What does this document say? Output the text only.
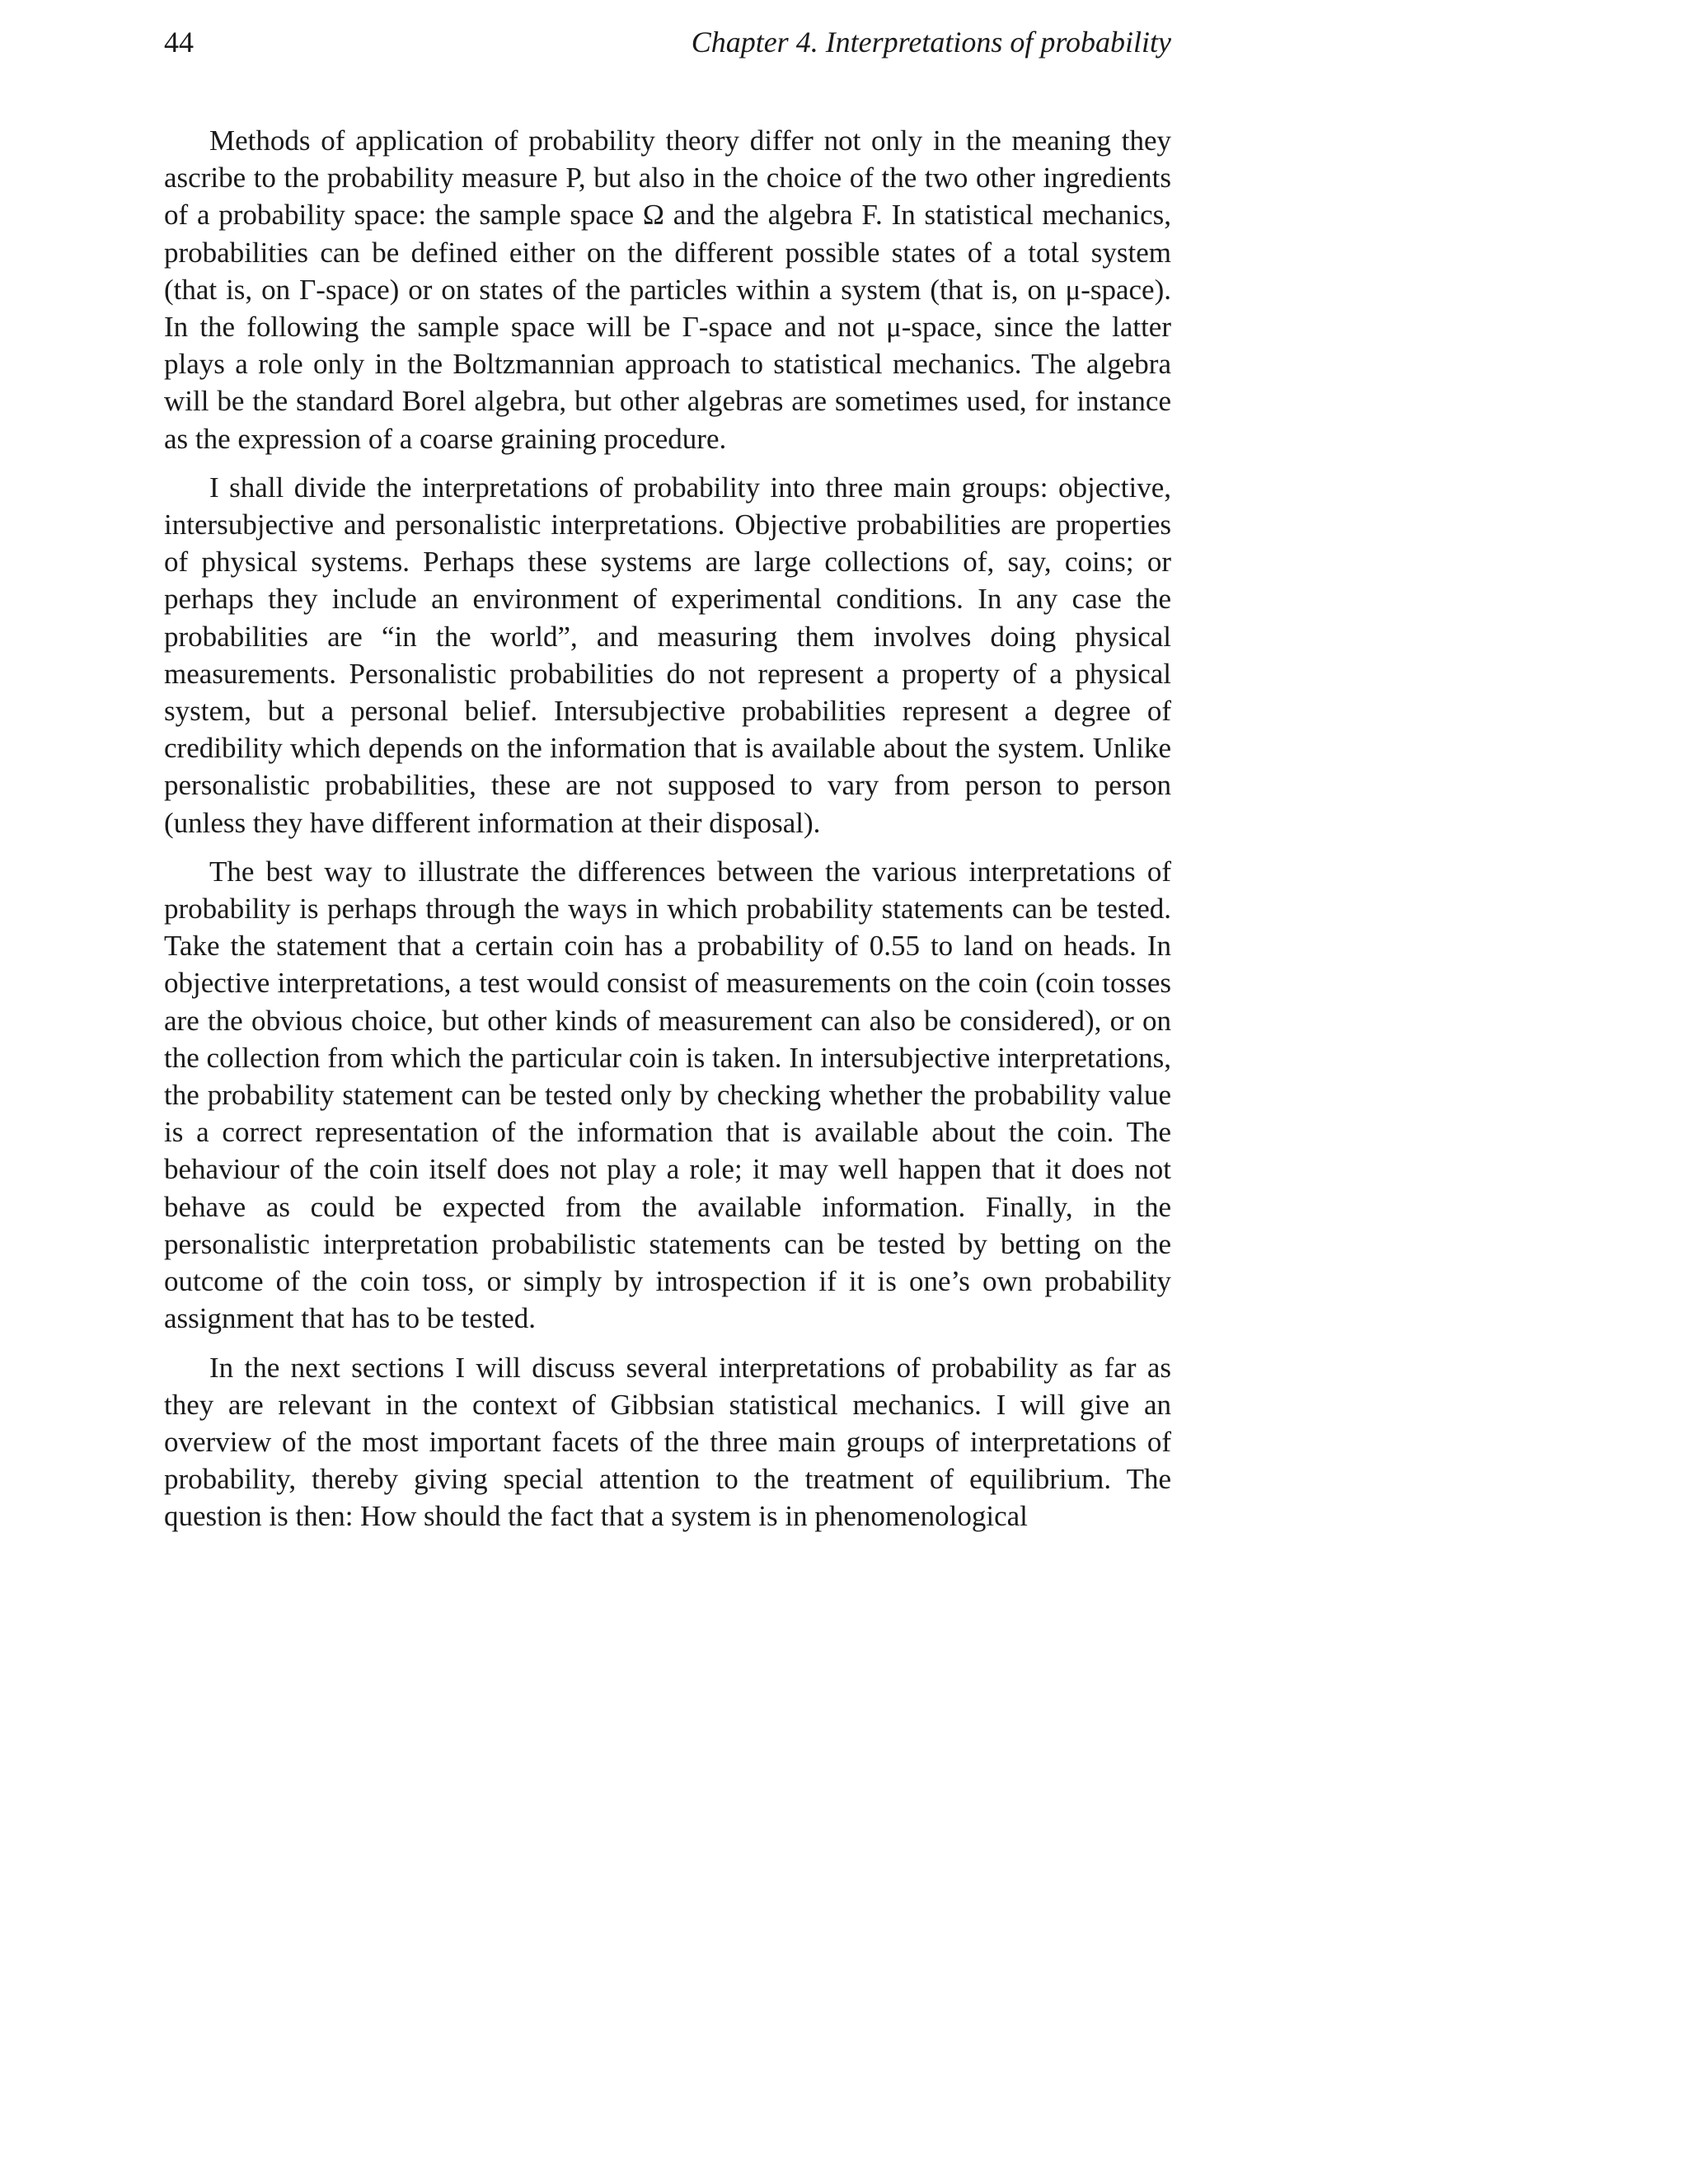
44	Chapter 4. Interpretations of probability

Methods of application of probability theory differ not only in the meaning they ascribe to the probability measure P, but also in the choice of the two other ingredients of a probability space: the sample space Ω and the algebra F. In statistical mechanics, probabilities can be defined either on the different possible states of a total system (that is, on Γ-space) or on states of the particles within a system (that is, on μ-space). In the following the sample space will be Γ-space and not μ-space, since the latter plays a role only in the Boltzmannian approach to statistical mechanics. The algebra will be the standard Borel algebra, but other algebras are sometimes used, for instance as the expression of a coarse graining procedure.

I shall divide the interpretations of probability into three main groups: objective, intersubjective and personalistic interpretations. Objective probabilities are properties of physical systems. Perhaps these systems are large collections of, say, coins; or perhaps they include an environment of experimental conditions. In any case the probabilities are “in the world”, and measuring them involves doing physical measurements. Personalistic probabilities do not represent a property of a physical system, but a personal belief. Intersubjective probabilities represent a degree of credibility which depends on the information that is available about the system. Unlike personalistic probabilities, these are not supposed to vary from person to person (unless they have different information at their disposal).

The best way to illustrate the differences between the various interpretations of probability is perhaps through the ways in which probability statements can be tested. Take the statement that a certain coin has a probability of 0.55 to land on heads. In objective interpretations, a test would consist of measurements on the coin (coin tosses are the obvious choice, but other kinds of measurement can also be considered), or on the collection from which the particular coin is taken. In intersubjective interpretations, the probability statement can be tested only by checking whether the probability value is a correct representation of the information that is available about the coin. The behaviour of the coin itself does not play a role; it may well happen that it does not behave as could be expected from the available information. Finally, in the personalistic interpretation probabilistic statements can be tested by betting on the outcome of the coin toss, or simply by introspection if it is one’s own probability assignment that has to be tested.

In the next sections I will discuss several interpretations of probability as far as they are relevant in the context of Gibbsian statistical mechanics. I will give an overview of the most important facets of the three main groups of interpretations of probability, thereby giving special attention to the treatment of equilibrium. The question is then: How should the fact that a system is in phenomenological
